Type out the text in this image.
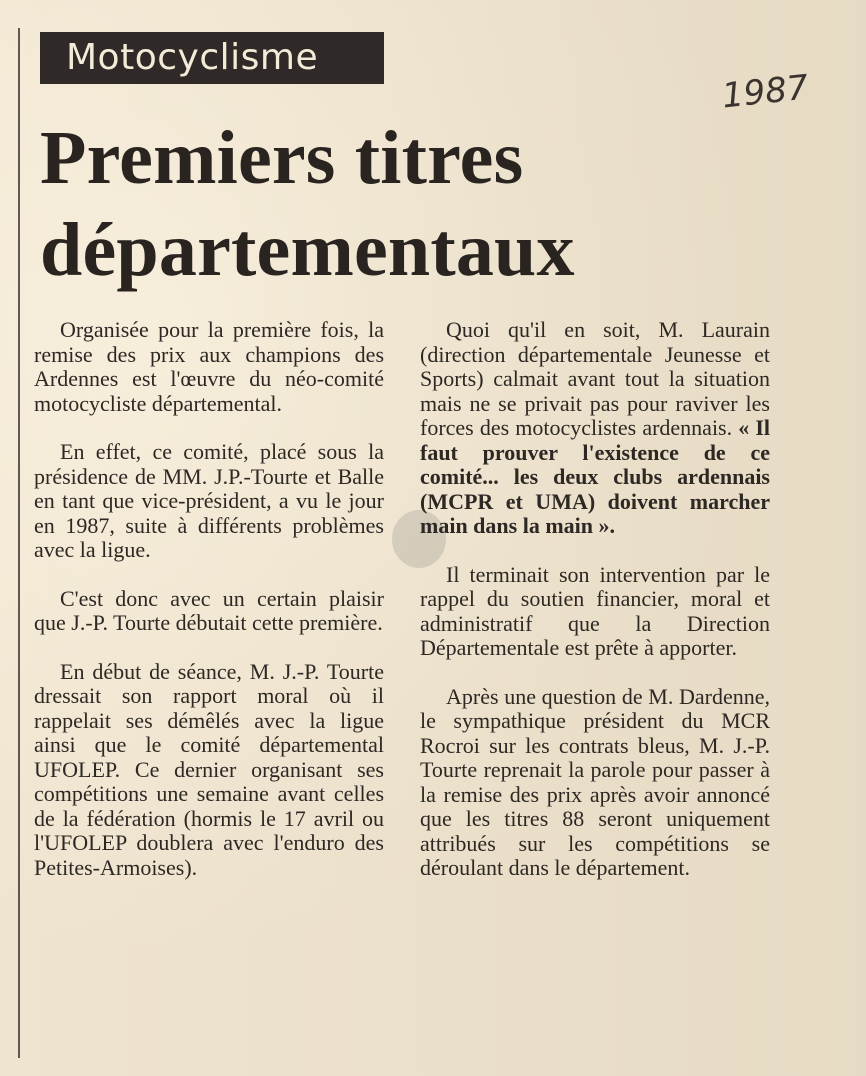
Motocyclisme
1987
Premiers titres
départementaux

Organisée pour la première fois, la remise des prix aux champions des Ardennes est l'œuvre du néo-comité motocycliste départemental.

En effet, ce comité, placé sous la présidence de MM. J.P.-Tourte et Balle en tant que vice-président, a vu le jour en 1987, suite à différents problèmes avec la ligue.

C'est donc avec un certain plaisir que J.-P. Tourte débutait cette première.

En début de séance, M. J.-P. Tourte dressait son rapport moral où il rappelait ses démêlés avec la ligue ainsi que le comité départemental UFOLEP. Ce dernier organisant ses compétitions une semaine avant celles de la fédération (hormis le 17 avril ou l'UFOLEP doublera avec l'enduro des Petites-Armoises).

Quoi qu'il en soit, M. Laurain (direction départementale Jeunesse et Sports) calmait avant tout la situation mais ne se privait pas pour raviver les forces des motocyclistes ardennais. « Il faut prouver l'existence de ce comité... les deux clubs ardennais (MCPR et UMA) doivent marcher main dans la main ».

Il terminait son intervention par le rappel du soutien financier, moral et administratif que la Direction Départementale est prête à apporter.

Après une question de M. Dardenne, le sympathique président du MCR Rocroi sur les contrats bleus, M. J.-P. Tourte reprenait la parole pour passer à la remise des prix après avoir annoncé que les titres 88 seront uniquement attribués sur les compétitions se déroulant dans le département.
